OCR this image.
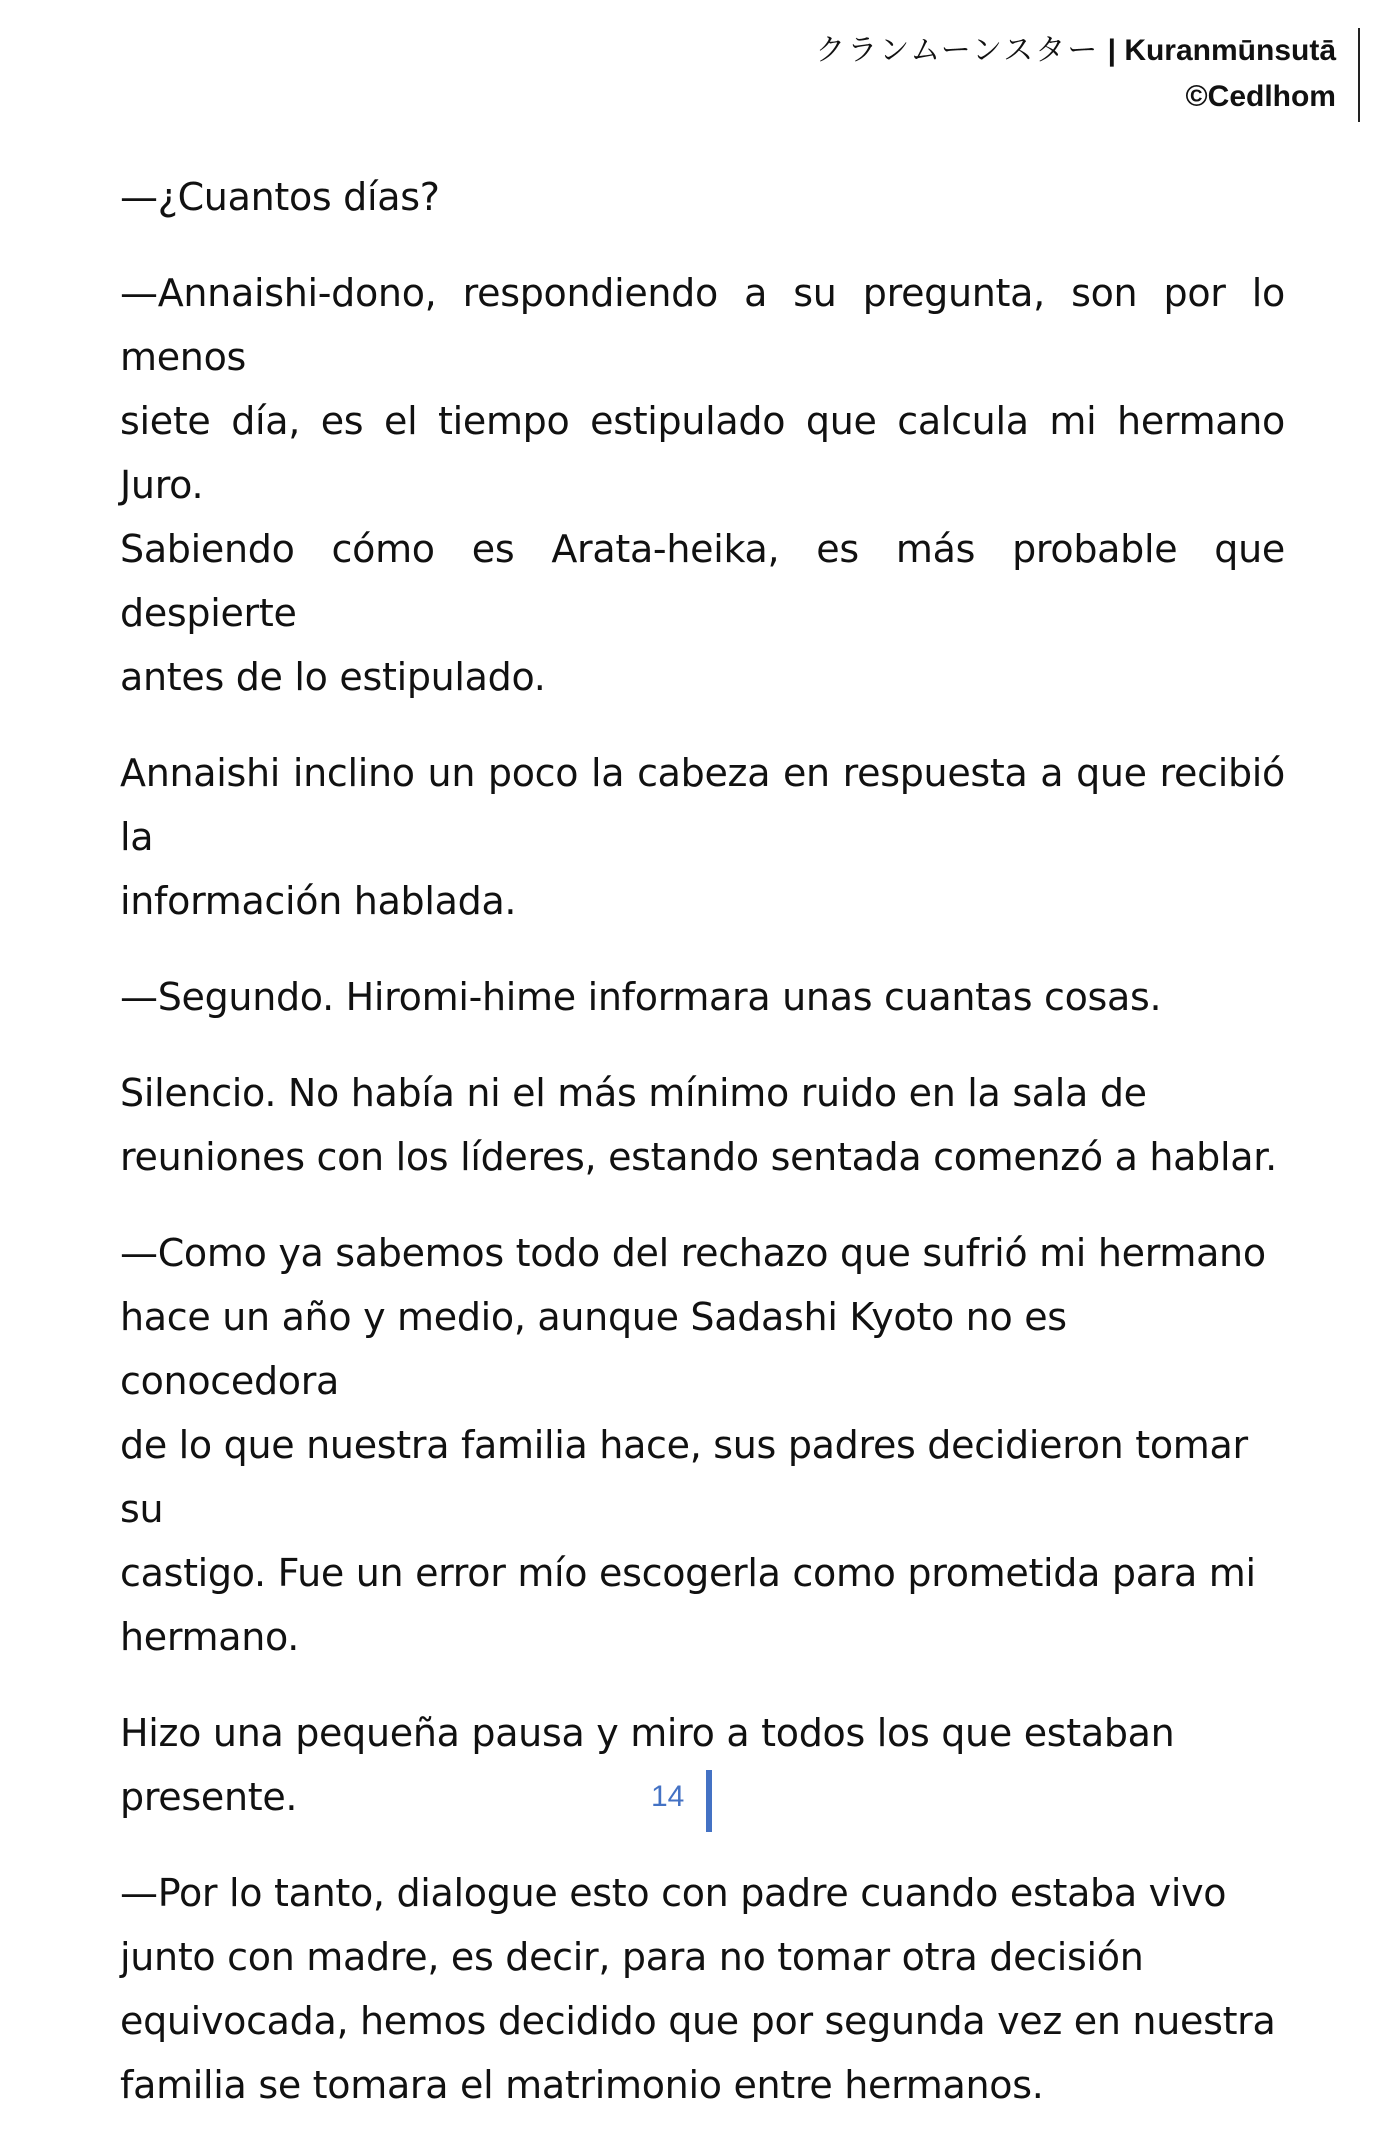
クランムーンスター | Kuranmūnsutā
©Cedlhom

—¿Cuantos días?

—Annaishi-dono, respondiendo a su pregunta, son por lo menos
siete día, es el tiempo estipulado que calcula mi hermano Juro.
Sabiendo cómo es Arata-heika, es más probable que despierte
antes de lo estipulado.

Annaishi inclino un poco la cabeza en respuesta a que recibió la
información hablada.

—Segundo. Hiromi-hime informara unas cuantas cosas.

Silencio. No había ni el más mínimo ruido en la sala de
reuniones con los líderes, estando sentada comenzó a hablar.

—Como ya sabemos todo del rechazo que sufrió mi hermano
hace un año y medio, aunque Sadashi Kyoto no es conocedora
de lo que nuestra familia hace, sus padres decidieron tomar su
castigo. Fue un error mío escogerla como prometida para mi
hermano.

Hizo una pequeña pausa y miro a todos los que estaban
presente.

—Por lo tanto, dialogue esto con padre cuando estaba vivo
junto con madre, es decir, para no tomar otra decisión
equivocada, hemos decidido que por segunda vez en nuestra
familia se tomara el matrimonio entre hermanos.

14
